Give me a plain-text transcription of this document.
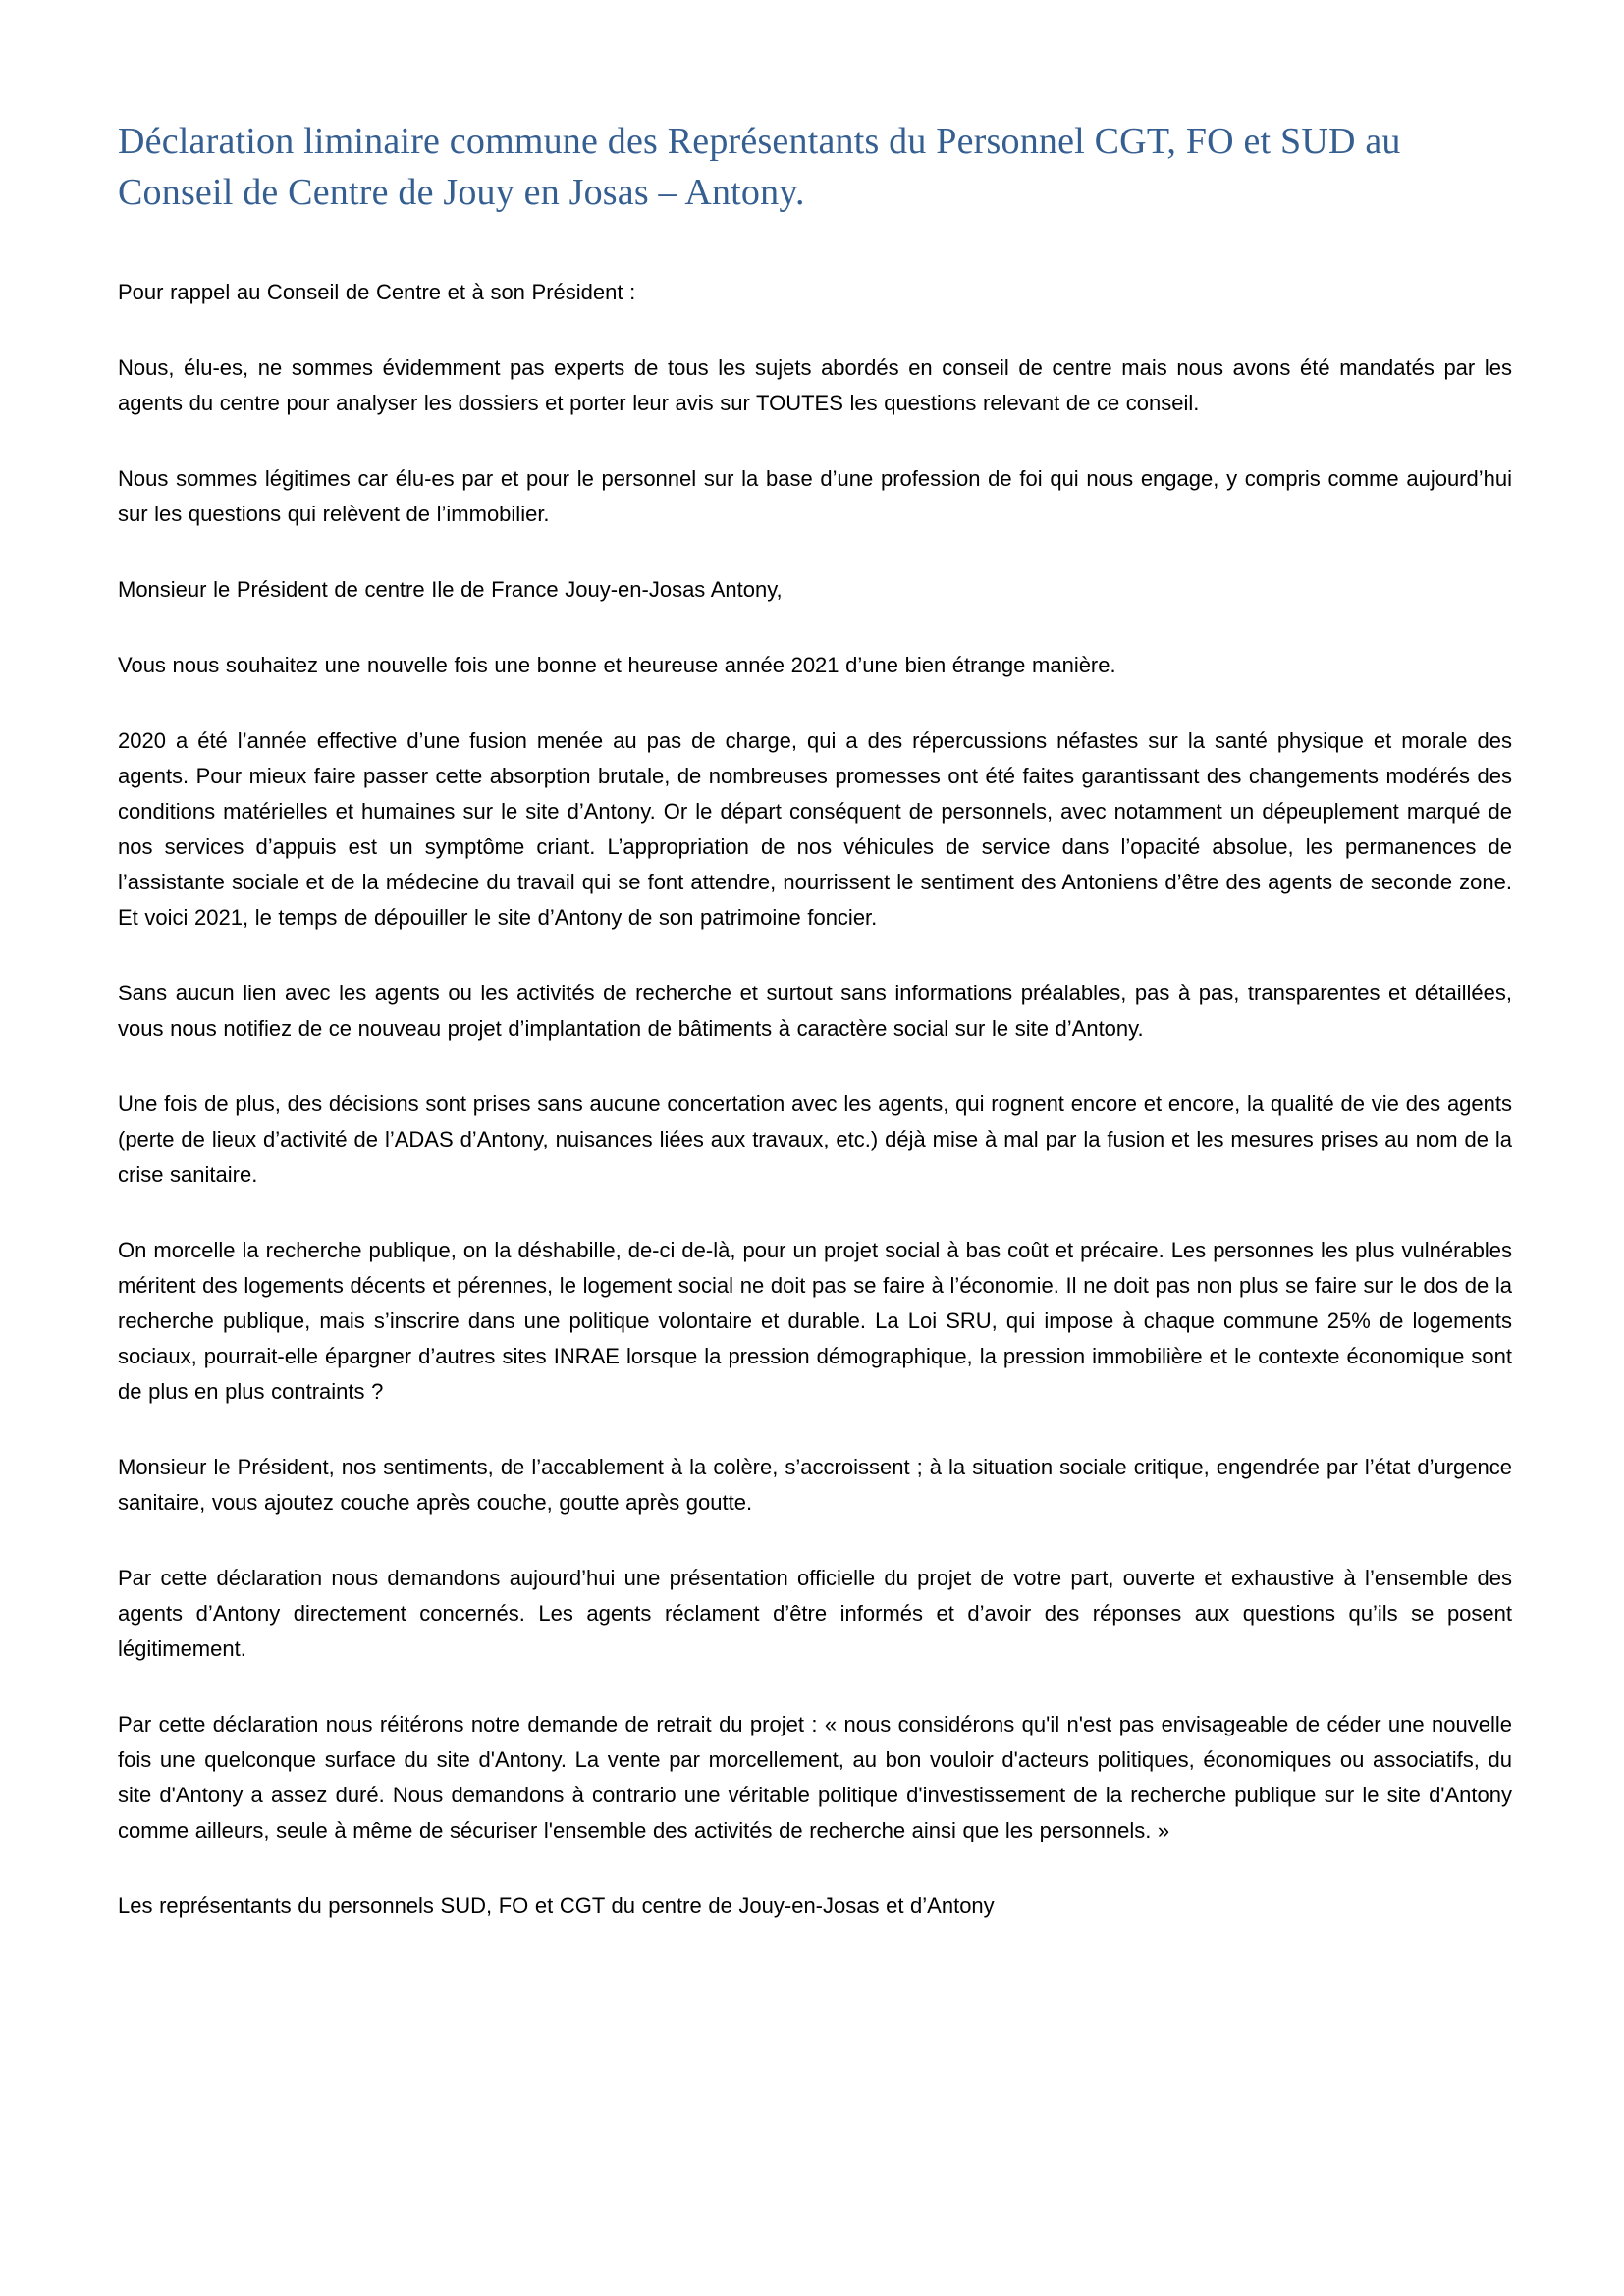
Déclaration liminaire commune des Représentants du Personnel CGT, FO et SUD au Conseil de Centre de Jouy en Josas – Antony.

Pour rappel au Conseil de Centre et à son Président :

Nous, élu-es, ne sommes évidemment pas experts de tous les sujets abordés en conseil de centre mais nous avons été mandatés par les agents du centre pour analyser les dossiers et porter leur avis sur TOUTES les questions relevant de ce conseil.

Nous sommes légitimes car élu-es par et pour le personnel sur la base d’une profession de foi qui nous engage, y compris comme aujourd’hui sur les questions qui relèvent de l’immobilier.

Monsieur le Président de centre Ile de France Jouy-en-Josas Antony,

Vous nous souhaitez une nouvelle fois une bonne et heureuse année 2021 d’une bien étrange manière.

2020 a été l’année effective d’une fusion menée au pas de charge, qui a des répercussions néfastes sur la santé physique et morale des agents. Pour mieux faire passer cette absorption brutale, de nombreuses promesses ont été faites garantissant des changements modérés des conditions matérielles et humaines sur le site d’Antony. Or le départ conséquent de personnels, avec notamment un dépeuplement marqué de nos services d’appuis est un symptôme criant. L’appropriation de nos véhicules de service dans l’opacité absolue, les permanences de l’assistante sociale et de la médecine du travail qui se font attendre, nourrissent le sentiment des Antoniens d’être des agents de seconde zone. Et voici 2021, le temps de dépouiller le site d’Antony de son patrimoine foncier.

Sans aucun lien avec les agents ou les activités de recherche et surtout sans informations préalables, pas à pas, transparentes et détaillées, vous nous notifiez de ce nouveau projet d’implantation de bâtiments à caractère social sur le site d’Antony.

Une fois de plus, des décisions sont prises sans aucune concertation avec les agents, qui rognent encore et encore, la qualité de vie des agents (perte de lieux d’activité de l’ADAS d’Antony, nuisances liées aux travaux, etc.) déjà mise à mal par la fusion et les mesures prises au nom de la crise sanitaire.

On morcelle la recherche publique, on la déshabille, de-ci de-là, pour un projet social à bas coût et précaire. Les personnes les plus vulnérables méritent des logements décents et pérennes, le logement social ne doit pas se faire à l’économie. Il ne doit pas non plus se faire sur le dos de la recherche publique, mais s’inscrire dans une politique volontaire et durable. La Loi SRU, qui impose à chaque commune 25% de logements sociaux, pourrait-elle épargner d’autres sites INRAE lorsque la pression démographique, la pression immobilière et le contexte économique sont de plus en plus contraints ?

Monsieur le Président, nos sentiments, de l’accablement à la colère, s’accroissent ; à la situation sociale critique, engendrée par l’état d’urgence sanitaire, vous ajoutez couche après couche, goutte après goutte.

Par cette déclaration nous demandons aujourd’hui une présentation officielle du projet de votre part, ouverte et exhaustive à l’ensemble des agents d’Antony directement concernés. Les agents réclament d’être informés et d’avoir des réponses aux questions qu’ils se posent légitimement.

Par cette déclaration nous réitérons notre demande de retrait du projet : « nous considérons qu'il n'est pas envisageable de céder une nouvelle fois une quelconque surface du site d'Antony. La vente par morcellement, au bon vouloir d'acteurs politiques, économiques ou associatifs, du site d'Antony a assez duré. Nous demandons à contrario une véritable politique d'investissement de la recherche publique sur le site d'Antony comme ailleurs, seule à même de sécuriser l'ensemble des activités de recherche ainsi que les personnels. »

Les représentants du personnels SUD, FO et CGT du centre de Jouy-en-Josas et d’Antony
